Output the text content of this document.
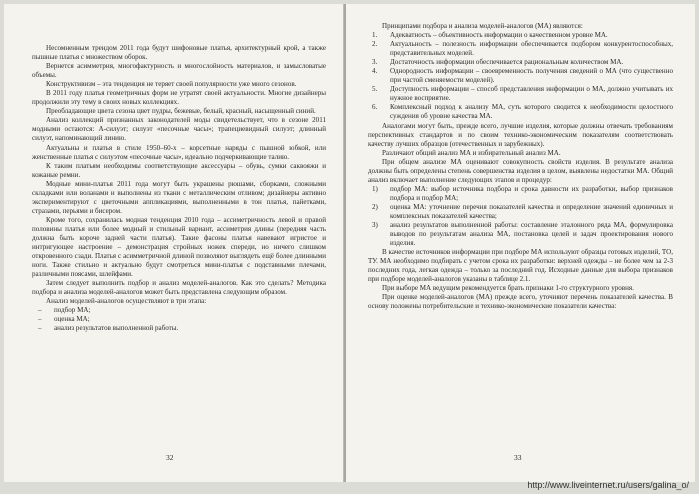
Несомненным трендом 2011 года будут шифоновые платья, архитектурный крой, а также пышные платья с множеством оборок.

Вернется асимметрия, многофактурность и многослойность материалов, и замысловатые объемы.

Конструктивизм – эта тенденция не теряет своей популярности уже много сезонов.

В 2011 году платья геометричных форм не утратят своей актуальности. Многие дизайнеры продолжили эту тему в своих новых коллекциях.

Преобладающие цвета сезона цвет пудры, бежевые, белый, красный, насыщенный синий.

Анализ коллекций признанных законодателей моды свидетельствует, что в сезоне 2011 модными остаются: А-силуэт; силуэт «песочные часы»; трапециевидный силуэт; длинный силуэт, напоминающий линию.

Актуальны и платья в стиле 1950–60-х – корсетные наряды с пышной юбкой, или женственные платья с силуэтом «песочные часы», идеально подчеркивающие талию.

К таким платьям необходимы соответствующие аксессуары – обувь, сумки саквояжи и кожаные ремни.

Модные мини-платья 2011 года могут быть украшены рюшами, сборками, сложными складками или воланами и выполнены из ткани с металлическим отливом; дизайнеры активно экспериментируют с цветочными аппликациями, выполненными в тон платья, пайетками, стразами, перьями и бисером.

Кроме того, сохранилась модная тенденция 2010 года – ассиметричность левой и правой половины платья или более модный и стильный вариант, ассиметрия длины (передняя часть должна быть короче задней части платья). Такие фасоны платья навевают игристое и интригующее настроение – демонстрация стройных ножек спереди, но ничего слишком откровенного сзади. Платья с асимметричной длиной позволяют выглядеть ещё более длинными ноги. Также стильно и актуально будут смотреться мини-платья с подставными плечами, различными поясами, шлейфами.

Затем следует выполнить подбор и анализ моделей-аналогов. Как это сделать? Методика подбора и анализа моделей-аналогов может быть представлена следующим образом.

Анализ моделей-аналогов осуществляют в три этапа:

– подбор МА;
– оценка МА;
– анализ результатов выполненной работы.
32

Принципами подбора и анализа моделей-аналогов (МА) являются:

1. Адекватность – объективность информации о качественном уровне МА.
2. Актуальность – полезность информации обеспечивается подбором конкурентоспособных, представительных моделей.
3. Достаточность информации обеспечивается рациональным количеством МА.
4. Однородность информации – своевременность получения сведений о МА (что существенно при частой сменяемости моделей).
5. Доступность информации – способ представления информации о МА, должно учитывать их нужное восприятие.
6. Комплексный подход к анализу МА, суть которого сводится к необходимости целостного суждения об уровне качества МА.

Аналогами могут быть, прежде всего, лучшие изделия, которые должны отвечать требованиям перспективных стандартов и по своим технико-экономическим показателям соответствовать качеству лучших образцов (отечественных и зарубежных).

Различают общий анализ МА и избирательный анализ МА.

При общем анализе МА оценивают совокупность свойств изделия. В результате анализа должны быть определены степень совершенства изделия в целом, выявлены недостатки МА. Общий анализ включает выполнение следующих этапов и процедур:

1) подбор МА: выбор источника подбора и срока давности их разработки, выбор признаков подбора и подбор МА;
2) оценка МА: уточнение перечня показателей качества и определение значений единичных и комплексных показателей качества;
3) анализ результатов выполненной работы: составление эталонного ряда МА, формулировка выводов по результатам анализа МА, постановка целей и задач проектирования нового изделия.

В качестве источников информации при подборе МА используют образцы готовых изделий, ТО, ТУ. МА необходимо подбирать с учетом срока их разработки: верхней одежды – не более чем за 2-3 последних года, легкая одежда – только за последний год. Исходные данные для выбора признаков при подборе моделей-аналогов указаны в таблице 2.1.

При выборе МА ведущим рекомендуется брать признаки 1-го структурного уровня.

При оценке моделей-аналогов (МА) прежде всего, уточняют перечень показателей качества. В основу положены потребительские и технико-экономические показатели качества:

33
http://www.liveinternet.ru/users/galina_o/
